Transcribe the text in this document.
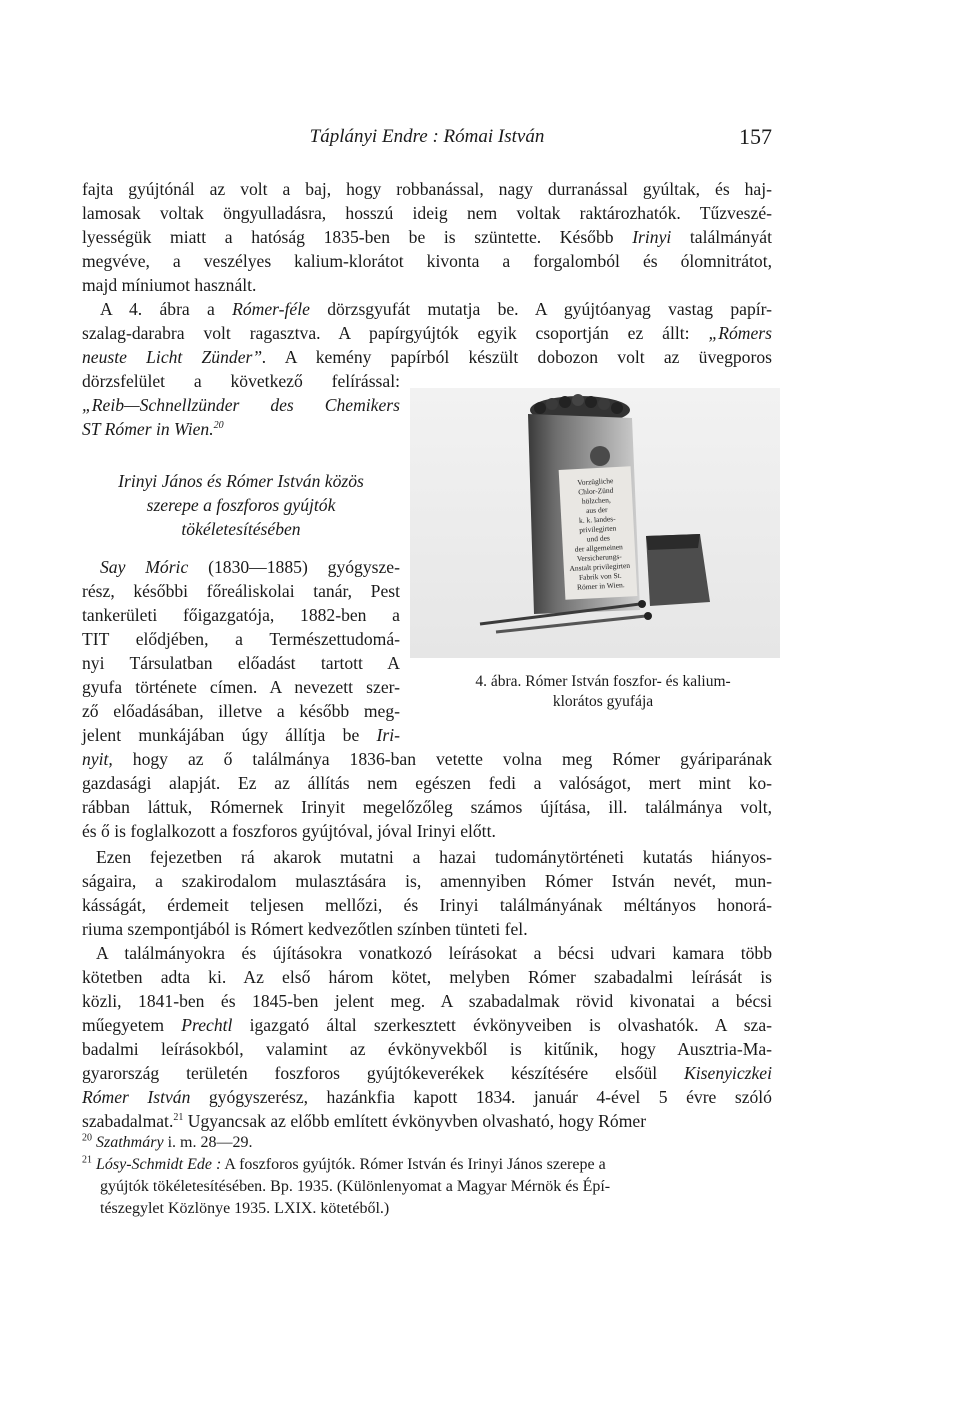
Táplányi Endre : Római István	157
fajta gyújtónál az volt a baj, hogy robbanással, nagy durranással gyúltak, és haj-
lamosak voltak öngyulladásra, hosszú ideig nem voltak raktározhatók. Tűzveszé-
lyességük miatt a hatóság 1835-ben be is szüntette. Később Irinyi találmányát
megvéve, a veszélyes kalium-klorátot kivonta a forgalomból és ólomnitrátot,
majd míniumot használt.
A 4. ábra a Rómer-féle dörzsgyufát mutatja be. A gyújtóanyag vastag papír-
szalag-darabra volt ragasztva. A papírgyújtók egyik csoportján ez állt: „Rómers
neuste Licht Zünder”. A kemény papírból készült dobozon volt az üvegporos
dörzsfelület a következő felírással:
„Reib—Schnellzünder des Chemikers
ST Rómer in Wien.$^{20}$
Irinyi János és Rómer István közös
szerepe a foszforos gyújtók
tökéletesítésében
Say Móric (1830—1885) gyógysze-
rész, későbbi főreáliskolai tanár, Pest
tankerületi főigazgatója, 1882-ben a
TIT elődjében, a Természettudomá-
nyi Társulatban előadást tartott A
gyufa története címen. A nevezett szer-
ző előadásában, illetve a később meg-
jelent munkájában úgy állítja be Iri-
nyit, hogy az ő találmánya 1836-ban vetette volna meg Rómer gyáriparának
gazdasági alapját. Ez az állítás nem egészen fedi a valóságot, mert mint ko-
rábban láttuk, Rómernek Irinyit megelőzőleg számos újítása, ill. találmánya volt,
és ő is foglalkozott a foszforos gyújtóval, jóval Irinyi előtt.
Ezen fejezetben rá akarok mutatni a hazai tudománytörténeti kutatás hiányos-
ságaira, a szakirodalom mulasztására is, amennyiben Rómer István nevét, mun-
kásságát, érdemeit teljesen mellőzi, és Irinyi találmányának méltányos honorá-
riuma szempontjából is Rómert kedvezőtlen színben tünteti fel.
A találmányokra és újításokra vonatkozó leírásokat a bécsi udvari kamara több
kötetben adta ki. Az első három kötet, melyben Rómer szabadalmi leírását is
közli, 1841-ben és 1845-ben jelent meg. A szabadalmak rövid kivonatai a bécsi
műegyetem Prechtl igazgató által szerkesztett évkönyveiben is olvashatók. A sza-
badalmi leírásokból, valamint az évkönyvekből is kitűnik, hogy Ausztria-Ma-
gyarország területén foszforos gyújtókeverékek készítésére elsőül Kisenyiczkei
Rómer István gyógyszerész, hazánkfia kapott 1834. január 4-ével 5 évre szóló
szabadalmat.$^{21}$ Ugyancsak az előbb említett évkönyvben olvasható, hogy Rómer
Vorzügliche
Chlor-Zünd
hölzchen,
aus der
k. k. landes-
privilegirten
und des
der allgemeinen
Versicherungs-
Anstalt privilegirten
Fabrik von St.
Römer in Wien.
4. ábra. Rómer István foszfor- és kalium-
klorátos gyufája
$^{20}$ Szathmáry i. m. 28—29.
$^{21}$ Lósy-Schmidt Ede : A foszforos gyújtók. Rómer István és Irinyi János szerepe a
gyújtók tökéletesítésében. Bp. 1935. (Különlenyomat a Magyar Mérnök és Épí-
tészegylet Közlönye 1935. LXIX. kötetéből.)
